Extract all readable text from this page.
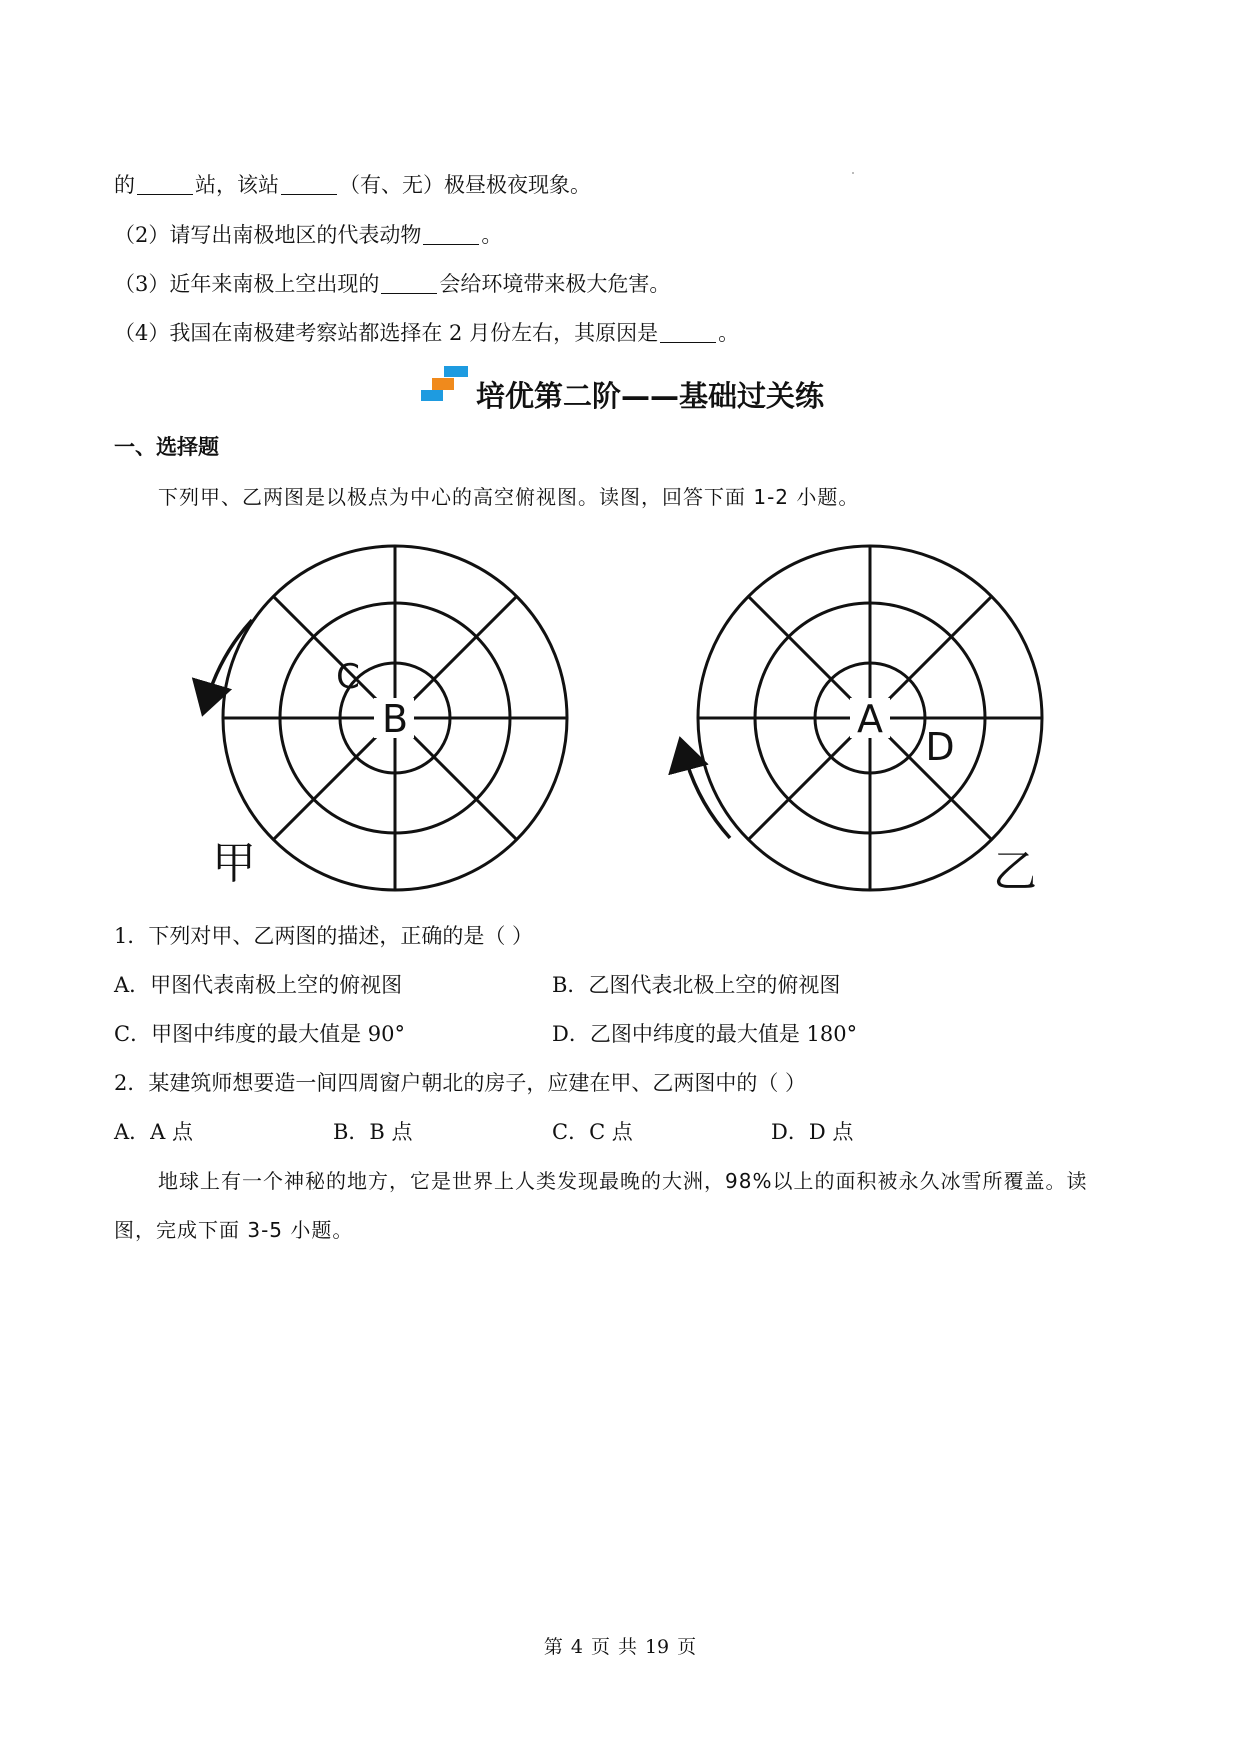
的	站，该站	（有、无）极昼极夜现象。
（2）请写出南极地区的代表动物	。
（3）近年来南极上空出现的	会给环境带来极大危害。
（4）我国在南极建考察站都选择在 2 月份左右，其原因是	。
培优第二阶——基础过关练
一、选择题
下列甲、乙两图是以极点为中心的高空俯视图。读图，回答下面 1-2 小题。
B
C
A
D
甲	乙
1．下列对甲、乙两图的描述，正确的是（ ）
A．甲图代表南极上空的俯视图	B．乙图代表北极上空的俯视图
C．甲图中纬度的最大值是 90°	D．乙图中纬度的最大值是 180°
2．某建筑师想要造一间四周窗户朝北的房子，应建在甲、乙两图中的（ ）
A．A 点	B．B 点	C．C 点	D．D 点
地球上有一个神秘的地方，它是世界上人类发现最晚的大洲，98%以上的面积被永久冰雪所覆盖。读
图，完成下面 3-5 小题。
第 4 页 共 19 页
